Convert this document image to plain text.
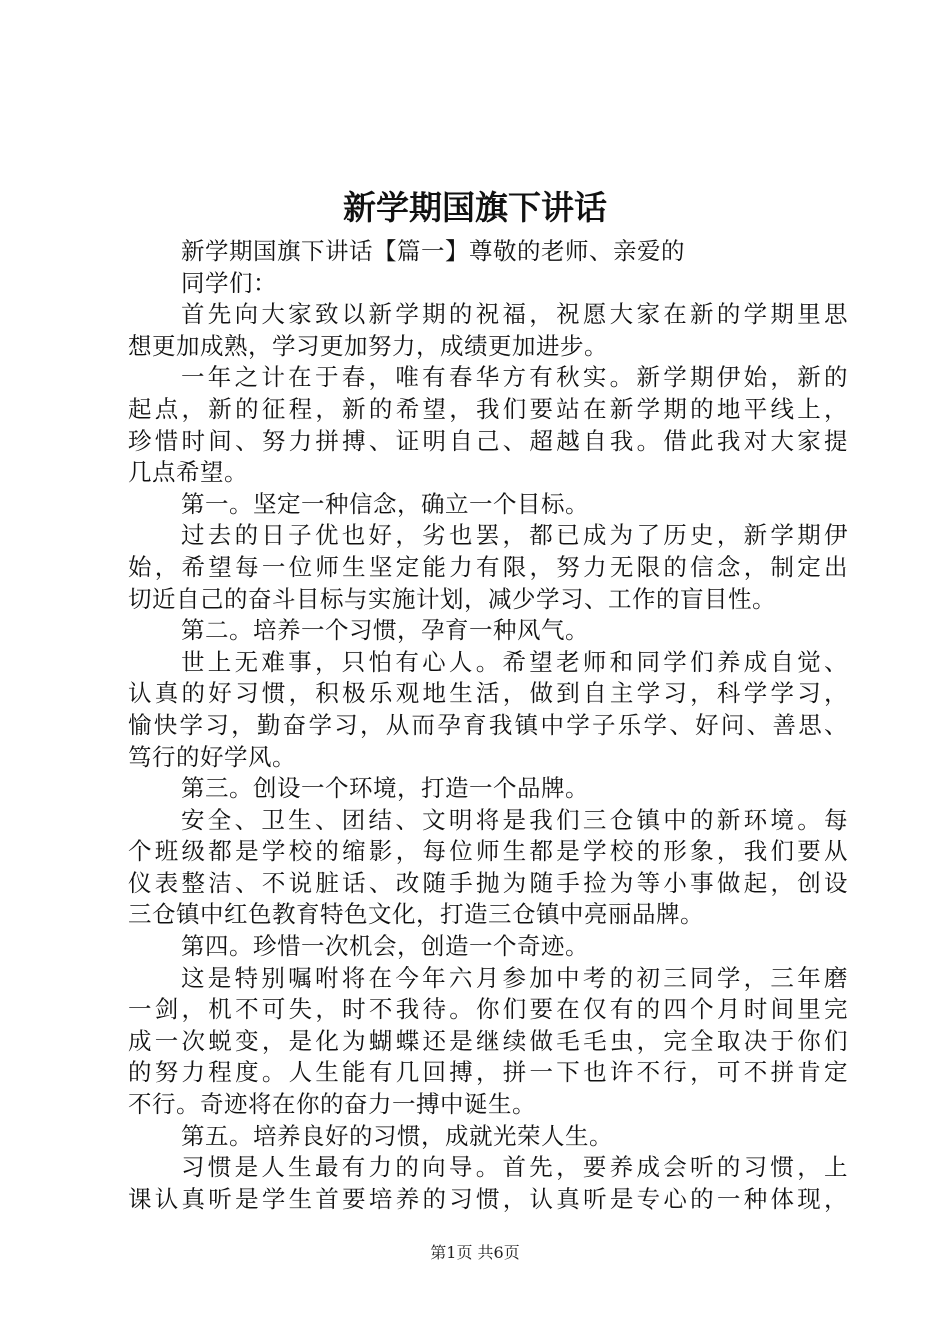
新学期国旗下讲话
新学期国旗下讲话【篇一】尊敬的老师、亲爱的
同学们：
首先向大家致以新学期的祝福，祝愿大家在新的学期里思
想更加成熟，学习更加努力，成绩更加进步。
一年之计在于春，唯有春华方有秋实。新学期伊始，新的
起点，新的征程，新的希望，我们要站在新学期的地平线上，
珍惜时间、努力拼搏、证明自己、超越自我。借此我对大家提
几点希望。
第一。坚定一种信念，确立一个目标。
过去的日子优也好，劣也罢，都已成为了历史，新学期伊
始，希望每一位师生坚定能力有限，努力无限的信念，制定出
切近自己的奋斗目标与实施计划，减少学习、工作的盲目性。
第二。培养一个习惯，孕育一种风气。
世上无难事，只怕有心人。希望老师和同学们养成自觉、
认真的好习惯，积极乐观地生活，做到自主学习，科学学习，
愉快学习，勤奋学习，从而孕育我镇中学子乐学、好问、善思、
笃行的好学风。
第三。创设一个环境，打造一个品牌。
安全、卫生、团结、文明将是我们三仓镇中的新环境。每
个班级都是学校的缩影，每位师生都是学校的形象，我们要从
仪表整洁、不说脏话、改随手抛为随手捡为等小事做起，创设
三仓镇中红色教育特色文化，打造三仓镇中亮丽品牌。
第四。珍惜一次机会，创造一个奇迹。
这是特别嘱咐将在今年六月参加中考的初三同学，三年磨
一剑，机不可失，时不我待。你们要在仅有的四个月时间里完
成一次蜕变，是化为蝴蝶还是继续做毛毛虫，完全取决于你们
的努力程度。人生能有几回搏，拼一下也许不行，可不拼肯定
不行。奇迹将在你的奋力一搏中诞生。
第五。培养良好的习惯，成就光荣人生。
习惯是人生最有力的向导。首先，要养成会听的习惯，上
课认真听是学生首要培养的习惯，认真听是专心的一种体现，
第1页 共6页
